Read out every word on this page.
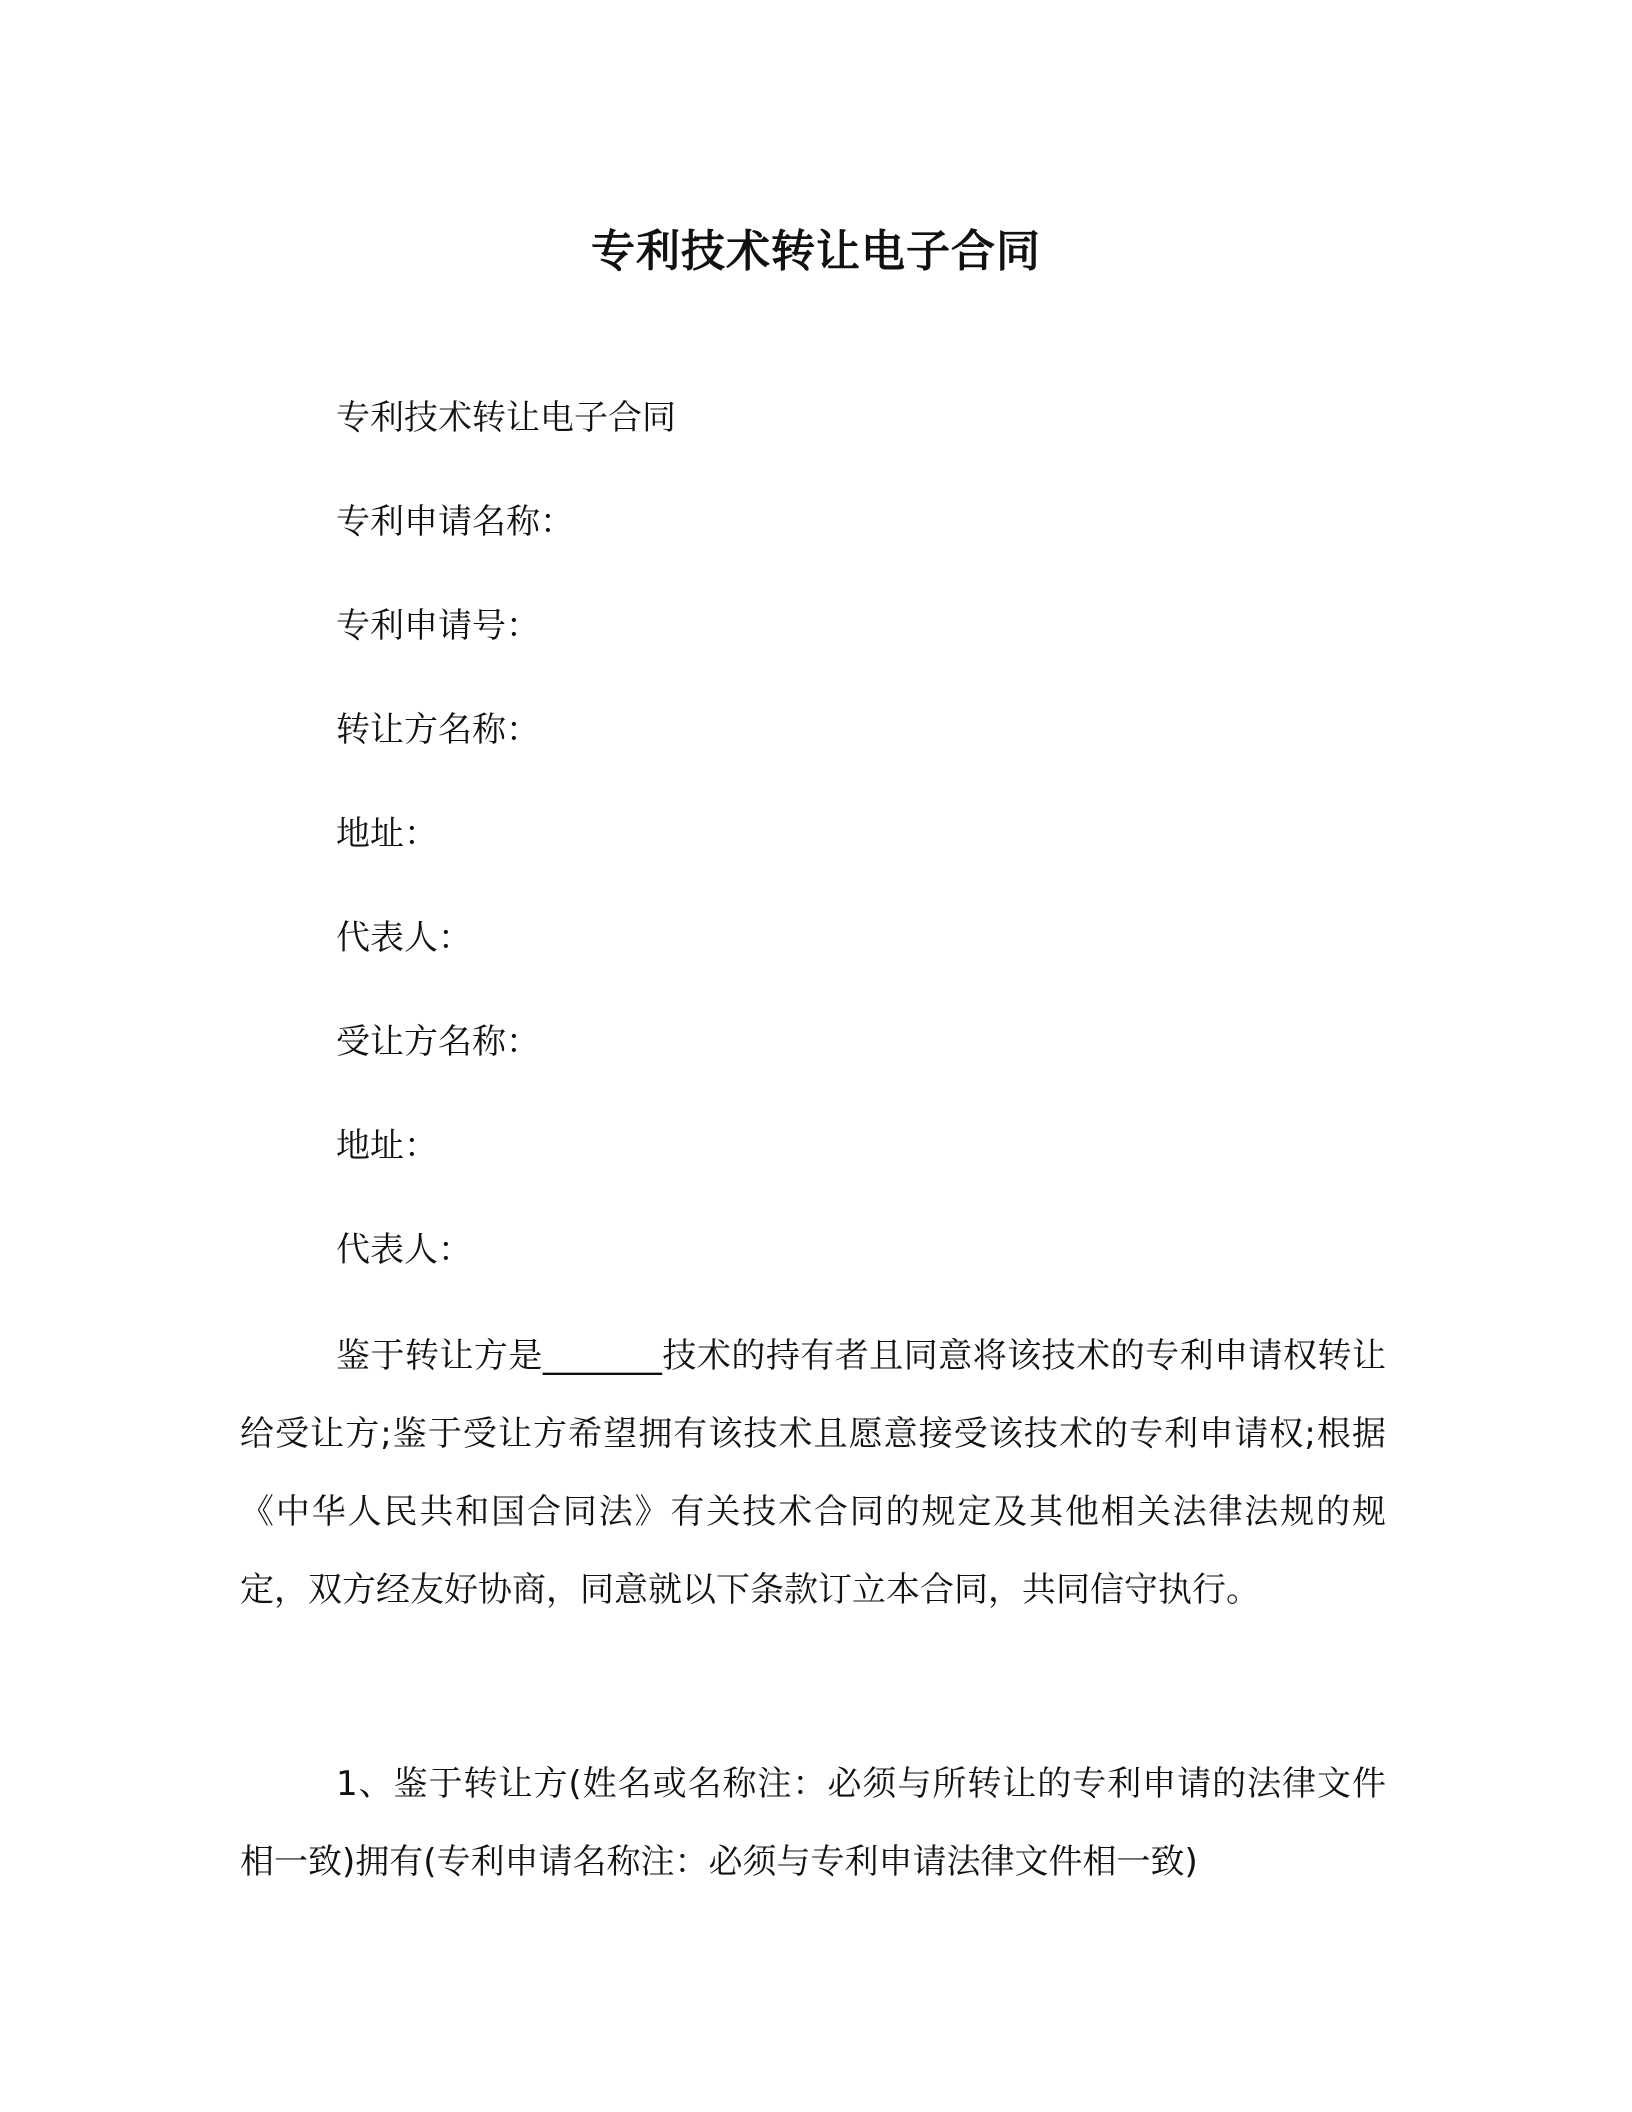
专利技术转让电子合同
专利技术转让电子合同
专利申请名称：
专利申请号：
转让方名称：
地址：
代表人：
受让方名称：
地址：
代表人：

鉴于转让方是_______技术的持有者且同意将该技术的专利申请权转让给受让方;鉴于受让方希望拥有该技术且愿意接受该技术的专利申请权;根据《中华人民共和国合同法》有关技术合同的规定及其他相关法律法规的规定，双方经友好协商，同意就以下条款订立本合同，共同信守执行。

1、鉴于转让方(姓名或名称注：必须与所转让的专利申请的法律文件相一致)拥有(专利申请名称注：必须与专利申请法律文件相一致)
